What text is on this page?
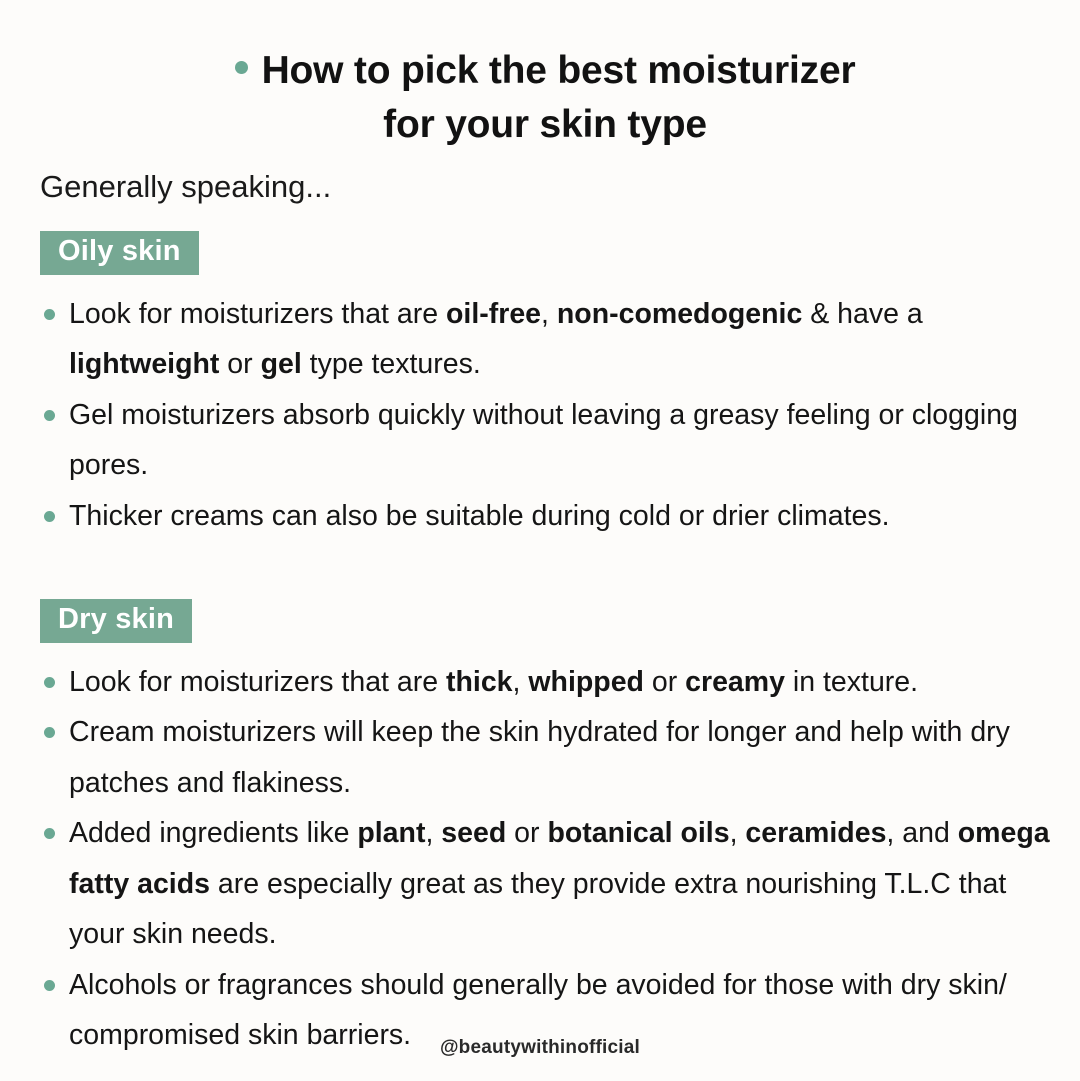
How to pick the best moisturizer
for your skin type
Generally speaking...
Oily skin
Look for moisturizers that are oil-free, non-comedogenic & have a lightweight or gel type textures.
Gel moisturizers absorb quickly without leaving a greasy feeling or clogging pores.
Thicker creams can also be suitable during cold or drier climates.
Dry skin
Look for moisturizers that are thick, whipped or creamy in texture.
Cream moisturizers will keep the skin hydrated for longer and help with dry patches and flakiness.
Added ingredients like plant, seed or botanical oils, ceramides, and omega fatty acids are especially great as they provide extra nourishing T.L.C that your skin needs.
Alcohols or fragrances should generally be avoided for those with dry skin/ compromised skin barriers.	@beautywithinofficial
